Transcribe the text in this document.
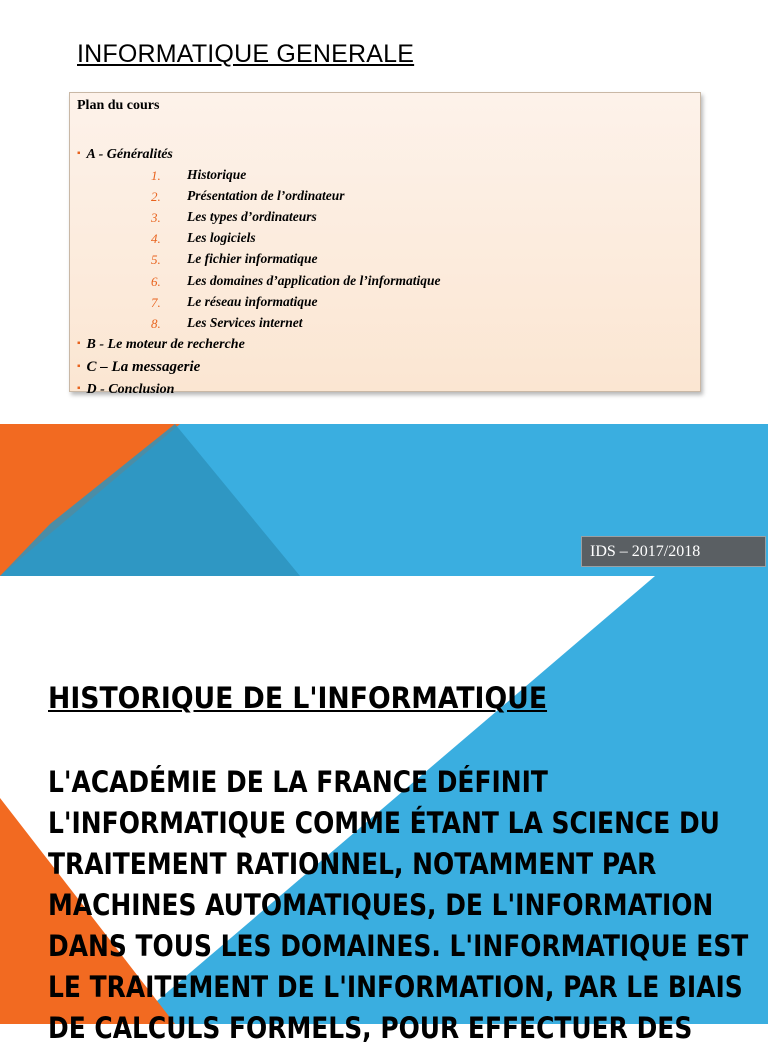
INFORMATIQUE GENERALE
Plan du cours
▪ A - Généralités
1. Historique
2. Présentation de l’ordinateur
3. Les types d’ordinateurs
4. Les logiciels
5. Le fichier informatique
6. Les domaines d’application de l’informatique
7. Le réseau informatique
8. Les Services internet
▪ B - Le moteur de recherche
▪ C – La messagerie
▪ D - Conclusion
IDS – 2017/2018
HISTORIQUE DE L'INFORMATIQUE
L'ACADÉMIE DE LA FRANCE DÉFINIT
L'INFORMATIQUE COMME ÉTANT LA SCIENCE DU
TRAITEMENT RATIONNEL, NOTAMMENT PAR
MACHINES AUTOMATIQUES, DE L'INFORMATION
DANS TOUS LES DOMAINES. L'INFORMATIQUE EST
LE TRAITEMENT DE L'INFORMATION, PAR LE BIAIS
DE CALCULS FORMELS, POUR EFFECTUER DES
